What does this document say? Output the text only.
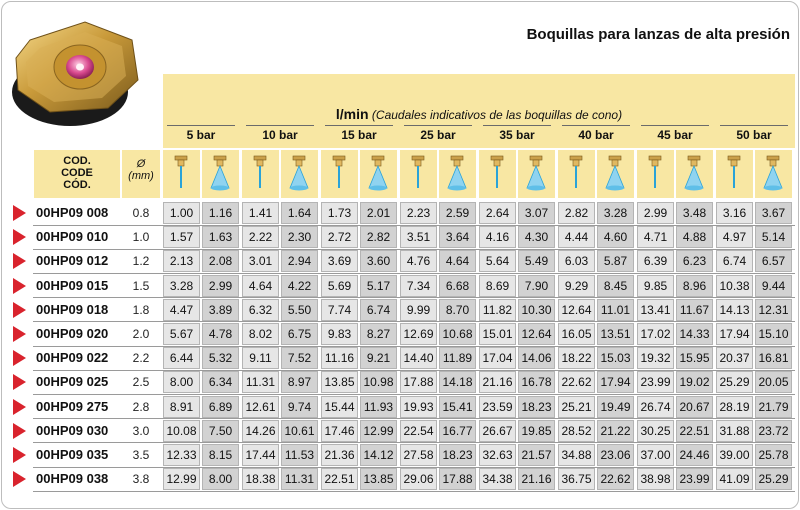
Boquillas para lanzas de alta presión
l/min (Caudales indicativos de las boquillas de cono)
5 bar	10 bar	15 bar	25 bar	35 bar	40 bar	45 bar	50 bar
COD.
CODE
CÓD.
Ø
(mm)
00HP09 008	0.8	1.00	1.16	1.41	1.64	1.73	2.01	2.23	2.59	2.64	3.07	2.82	3.28	2.99	3.48	3.16	3.67
00HP09 010	1.0	1.57	1.63	2.22	2.30	2.72	2.82	3.51	3.64	4.16	4.30	4.44	4.60	4.71	4.88	4.97	5.14
00HP09 012	1.2	2.13	2.08	3.01	2.94	3.69	3.60	4.76	4.64	5.64	5.49	6.03	5.87	6.39	6.23	6.74	6.57
00HP09 015	1.5	3.28	2.99	4.64	4.22	5.69	5.17	7.34	6.68	8.69	7.90	9.29	8.45	9.85	8.96	10.38	9.44
00HP09 018	1.8	4.47	3.89	6.32	5.50	7.74	6.74	9.99	8.70	11.82 10.30 12.64 11.01 13.41 11.67 14.13 12.31
00HP09 020	2.0	5.67	4.78	8.02	6.75	9.83	8.27	12.69 10.68 15.01 12.64 16.05 13.51 17.02 14.33 17.94 15.10
00HP09 022	2.2	6.44	5.32	9.11	7.52	11.16	9.21	14.40 11.89 17.04 14.06 18.22 15.03 19.32 15.95 20.37 16.81
00HP09 025	2.5	8.00	6.34	11.31	8.97	13.85 10.98 17.88 14.18 21.16 16.78 22.62 17.94 23.99 19.02 25.29 20.05
00HP09 275	2.8	8.91	6.89	12.61	9.74	15.44 11.93 19.93 15.41 23.59 18.23 25.21 19.49 26.74 20.67 28.19 21.79
00HP09 030	3.0	10.08	7.50	14.26 10.61 17.46 12.99 22.54 16.77 26.67 19.85 28.52 21.22 30.25 22.51 31.88 23.72
00HP09 035	3.5	12.33	8.15	17.44 11.53 21.36 14.12 27.58 18.23 32.63 21.57 34.88 23.06 37.00 24.46 39.00 25.78
00HP09 038	3.8	12.99	8.00	18.38 11.31 22.51 13.85 29.06 17.88 34.38 21.16 36.75 22.62 38.98 23.99 41.09 25.29
